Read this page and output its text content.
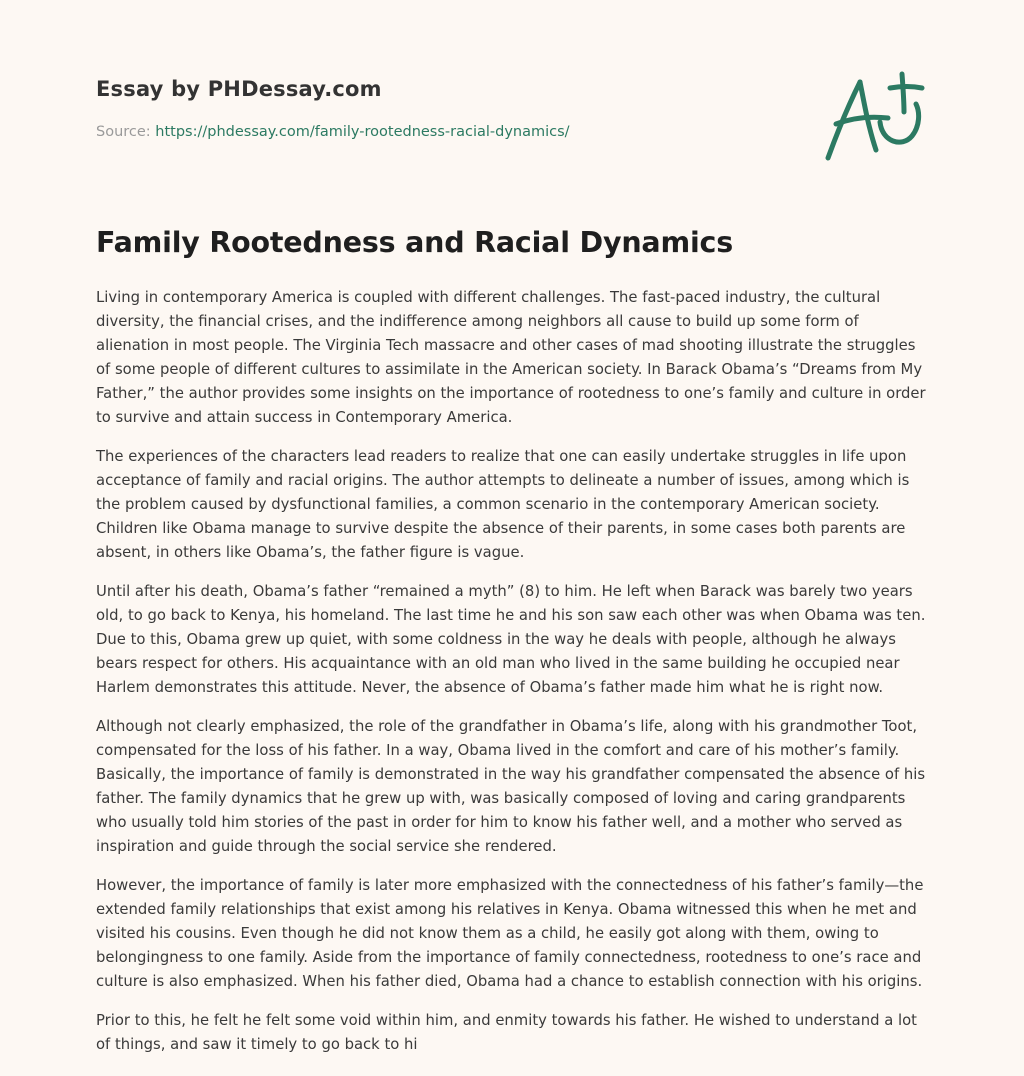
Essay by PHDessay.com
Source: https://phdessay.com/family-rootedness-racial-dynamics/
Family Rootedness and Racial Dynamics

Living in contemporary America is coupled with different challenges. The fast-paced industry, the cultural diversity, the financial crises, and the indifference among neighbors all cause to build up some form of alienation in most people. The Virginia Tech massacre and other cases of mad shooting illustrate the struggles of some people of different cultures to assimilate in the American society. In Barack Obama’s “Dreams from My Father,” the author provides some insights on the importance of rootedness to one’s family and culture in order to survive and attain success in Contemporary America.

The experiences of the characters lead readers to realize that one can easily undertake struggles in life upon acceptance of family and racial origins. The author attempts to delineate a number of issues, among which is the problem caused by dysfunctional families, a common scenario in the contemporary American society. Children like Obama manage to survive despite the absence of their parents, in some cases both parents are absent, in others like Obama’s, the father figure is vague.

Until after his death, Obama’s father “remained a myth” (8) to him. He left when Barack was barely two years old, to go back to Kenya, his homeland. The last time he and his son saw each other was when Obama was ten. Due to this, Obama grew up quiet, with some coldness in the way he deals with people, although he always bears respect for others. His acquaintance with an old man who lived in the same building he occupied near Harlem demonstrates this attitude. Never, the absence of Obama’s father made him what he is right now.

Although not clearly emphasized, the role of the grandfather in Obama’s life, along with his grandmother Toot, compensated for the loss of his father. In a way, Obama lived in the comfort and care of his mother’s family. Basically, the importance of family is demonstrated in the way his grandfather compensated the absence of his father. The family dynamics that he grew up with, was basically composed of loving and caring grandparents who usually told him stories of the past in order for him to know his father well, and a mother who served as inspiration and guide through the social service she rendered.

However, the importance of family is later more emphasized with the connectedness of his father’s family—the extended family relationships that exist among his relatives in Kenya. Obama witnessed this when he met and visited his cousins. Even though he did not know them as a child, he easily got along with them, owing to belongingness to one family. Aside from the importance of family connectedness, rootedness to one’s race and culture is also emphasized. When his father died, Obama had a chance to establish connection with his origins.

Prior to this, he felt he felt some void within him, and enmity towards his father. He wished to understand a lot of things, and saw it timely to go back to hi
